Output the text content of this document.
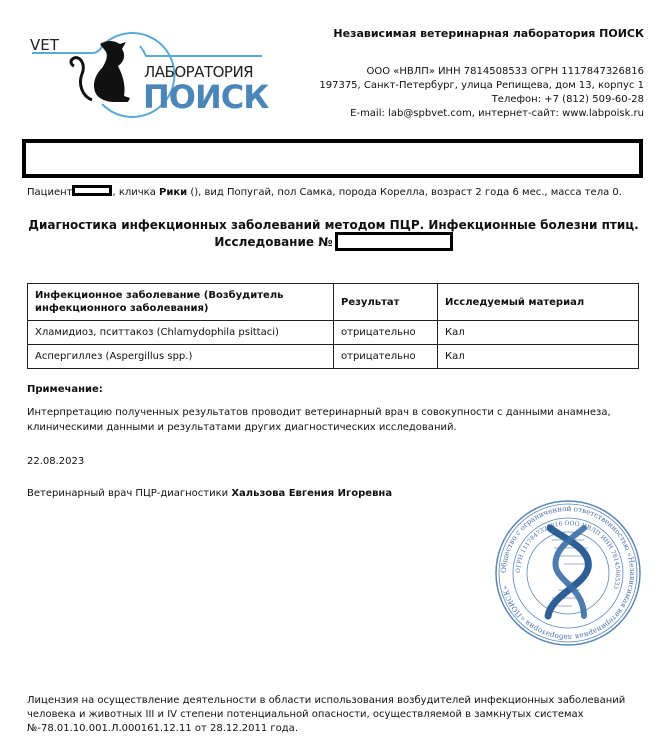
VET
ЛАБОРАТОРИЯ
ПОИСК
Независимая ветеринарная лаборатория ПОИСК
ООО «НВЛП» ИНН 7814508533 ОГРН 1117847326816
197375, Санкт-Петербург, улица Репищева, дом 13, корпус 1
Телефон: +7 (812) 509-60-28
E-mail: lab@spbvet.com, интернет-сайт: www.labpoisk.ru
Пациент	, кличка Рики (), вид Попугай, пол Самка, порода Корелла, возраст 2 года 6 мес., масса тела 0.
Диагностика инфекционных заболеваний методом ПЦР. Инфекционные болезни птиц.
Исследование №
Инфекционное заболевание (Возбудитель инфекционного заболевания)	Результат	Исследуемый материал
Хламидиоз, пситтакоз (Chlamydophila psittaci)	отрицательно	Кал
Аспергиллез (Aspergillus spp.)	отрицательно	Кал
Примечание:
Интерпретацию полученных результатов проводит ветеринарный врач в совокупности с данными анамнеза, клиническими данными и результатами других диагностических исследований.
22.08.2023
Ветеринарный врач ПЦР-диагностики Хальзова Евгения Игоревна
Общество с ограниченной ответственностью «Независимая ветеринарная лаборатория «ПОИСК»
ОГРН 1117847326816 ООО НВЛП ИНН 7814508533
Лицензия на осуществление деятельности в области использования возбудителей инфекционных заболеваний человека и животных III и IV степени потенциальной опасности, осуществляемой в замкнутых системах №-78.01.10.001.Л.000161.12.11 от 28.12.2011 года.
